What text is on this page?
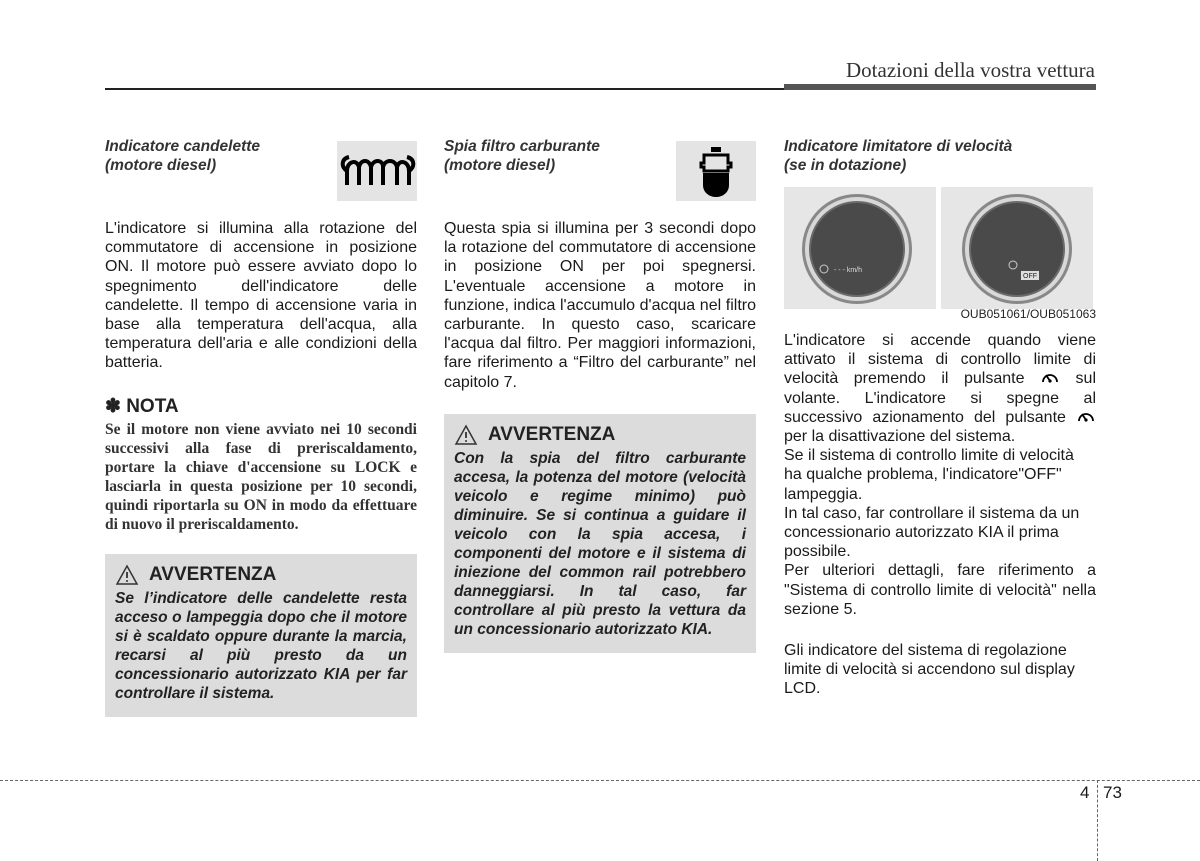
Dotazioni della vostra vettura
Indicatore candelette
(motore diesel)

L'indicatore si illumina alla rotazione del commutatore di accensione in posizione ON. Il motore può essere avviato dopo lo spegnimento dell'indicatore delle candelette. Il tempo di accensione varia in base alla temperatura dell'acqua, alla temperatura dell'aria e alle condizioni della batteria.

✽ NOTA

Se il motore non viene avviato nei 10 secondi successivi alla fase di preriscaldamento, portare la chiave d'accensione su LOCK e lasciarla in questa posizione per 10 secondi, quindi riportarla su ON in modo da effettuare di nuovo il preriscaldamento.

AVVERTENZA

Se l’indicatore delle candelette resta acceso o lampeggia dopo che il motore si è scaldato oppure durante la marcia, recarsi al più presto da un concessionario autorizzato KIA per far controllare il sistema.

Spia filtro carburante
(motore diesel)

Questa spia si illumina per 3 secondi dopo la rotazione del commutatore di accensione in posizione ON per poi spegnersi. L'eventuale accensione a motore in funzione, indica l'accumulo d'acqua nel filtro carburante. In questo caso, scaricare l'acqua dal filtro. Per maggiori informazioni, fare riferimento a “Filtro del carburante” nel capitolo 7.

AVVERTENZA

Con la spia del filtro carburante accesa, la potenza del motore (velocità veicolo e regime minimo) può diminuire. Se si continua a guidare il veicolo con la spia accesa, i componenti del motore e il sistema di iniezione del common rail potrebbero danneggiarsi. In tal caso, far controllare al più presto la vettura da un concessionario autorizzato KIA.

Indicatore limitatore di velocità
(se in dotazione)
- - - km/h
OFF
OUB051061/OUB051063

L'indicatore si accende quando viene attivato il sistema di controllo limite di velocità premendo il pulsante	sul volante. L'indicatore si spegne al successivo azionamento del pulsante  per la disattivazione del sistema.

Se il sistema di controllo limite di velocità ha qualche problema, l'indicatore"OFF" lampeggia.

In tal caso, far controllare il sistema da un concessionario autorizzato KIA il prima possibile.

Per ulteriori dettagli, fare riferimento a "Sistema di controllo limite di velocità" nella sezione 5.

Gli indicatore del sistema di regolazione limite di velocità si accendono sul display LCD.

4 73
